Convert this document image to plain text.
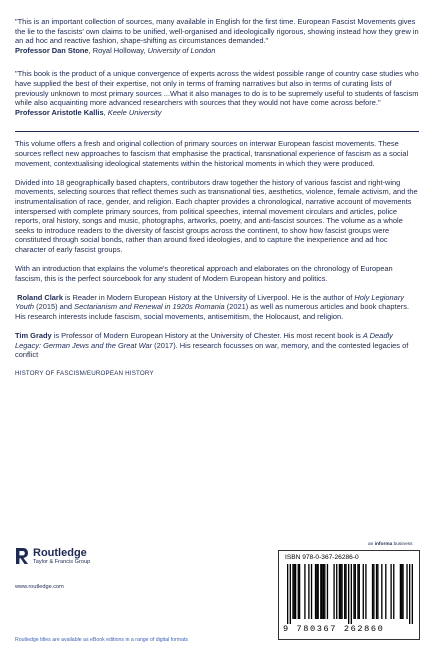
"This is an important collection of sources, many available in English for the first time. European Fascist Movements gives the lie to the fascists' own claims to be unified, well-organised and ideologically rigorous, showing instead how they grew in an ad hoc and reactive fashion, shape-shifting as circumstances demanded."

Professor Dan Stone, Royal Holloway, University of London

"This book is the product of a unique convergence of experts across the widest possible range of country case studies who have supplied the best of their expertise, not only in terms of framing narratives but also in terms of curating lists of previously unknown to most primary sources ...What it also manages to do is to be supremely useful to students of fascism while also acquainting more advanced researchers with sources that they would not have come across before."

Professor Aristotle Kallis, Keele University

This volume offers a fresh and original collection of primary sources on interwar European fascist movements. These sources reflect new approaches to fascism that emphasise the practical, transnational experience of fascism as a social movement, contextualising ideological statements within the historical moments in which they were produced.

Divided into 18 geographically based chapters, contributors draw together the history of various fascist and right-wing movements, selecting sources that reflect themes such as transnational ties, aesthetics, violence, female activism, and the instrumentalisation of race, gender, and religion. Each chapter provides a chronological, narrative account of movements interspersed with complete primary sources, from political speeches, internal movement circulars and articles, police reports, oral history, songs and music, photographs, artworks, poetry, and anti-fascist sources. The volume as a whole seeks to introduce readers to the diversity of fascist groups across the continent, to show how fascist groups were constituted through social bonds, rather than around fixed ideologies, and to capture the inexperience and ad hoc character of early fascist groups.

With an introduction that explains the volume's theoretical approach and elaborates on the chronology of European fascism, this is the perfect sourcebook for any student of Modern European history and politics.

Roland Clark is Reader in Modern European History at the University of Liverpool. He is the author of Holy Legionary Youth (2015) and Sectarianism and Renewal in 1920s Romania (2021) as well as numerous articles and book chapters. His research interests include fascism, social movements, antisemitism, the Holocaust, and religion.

Tim Grady is Professor of Modern European History at the University of Chester. His most recent book is A Deadly Legacy: German Jews and the Great War (2017). His research focusses on war, memory, and the contested legacies of conflict

HISTORY OF FASCISM/EUROPEAN HISTORY
Routledge
Taylor & Francis Group
www.routledge.com
Routledge titles are available as eBook editions in a range of digital formats
an informa business
ISBN 978-0-367-26286-0
9 780367 262860
